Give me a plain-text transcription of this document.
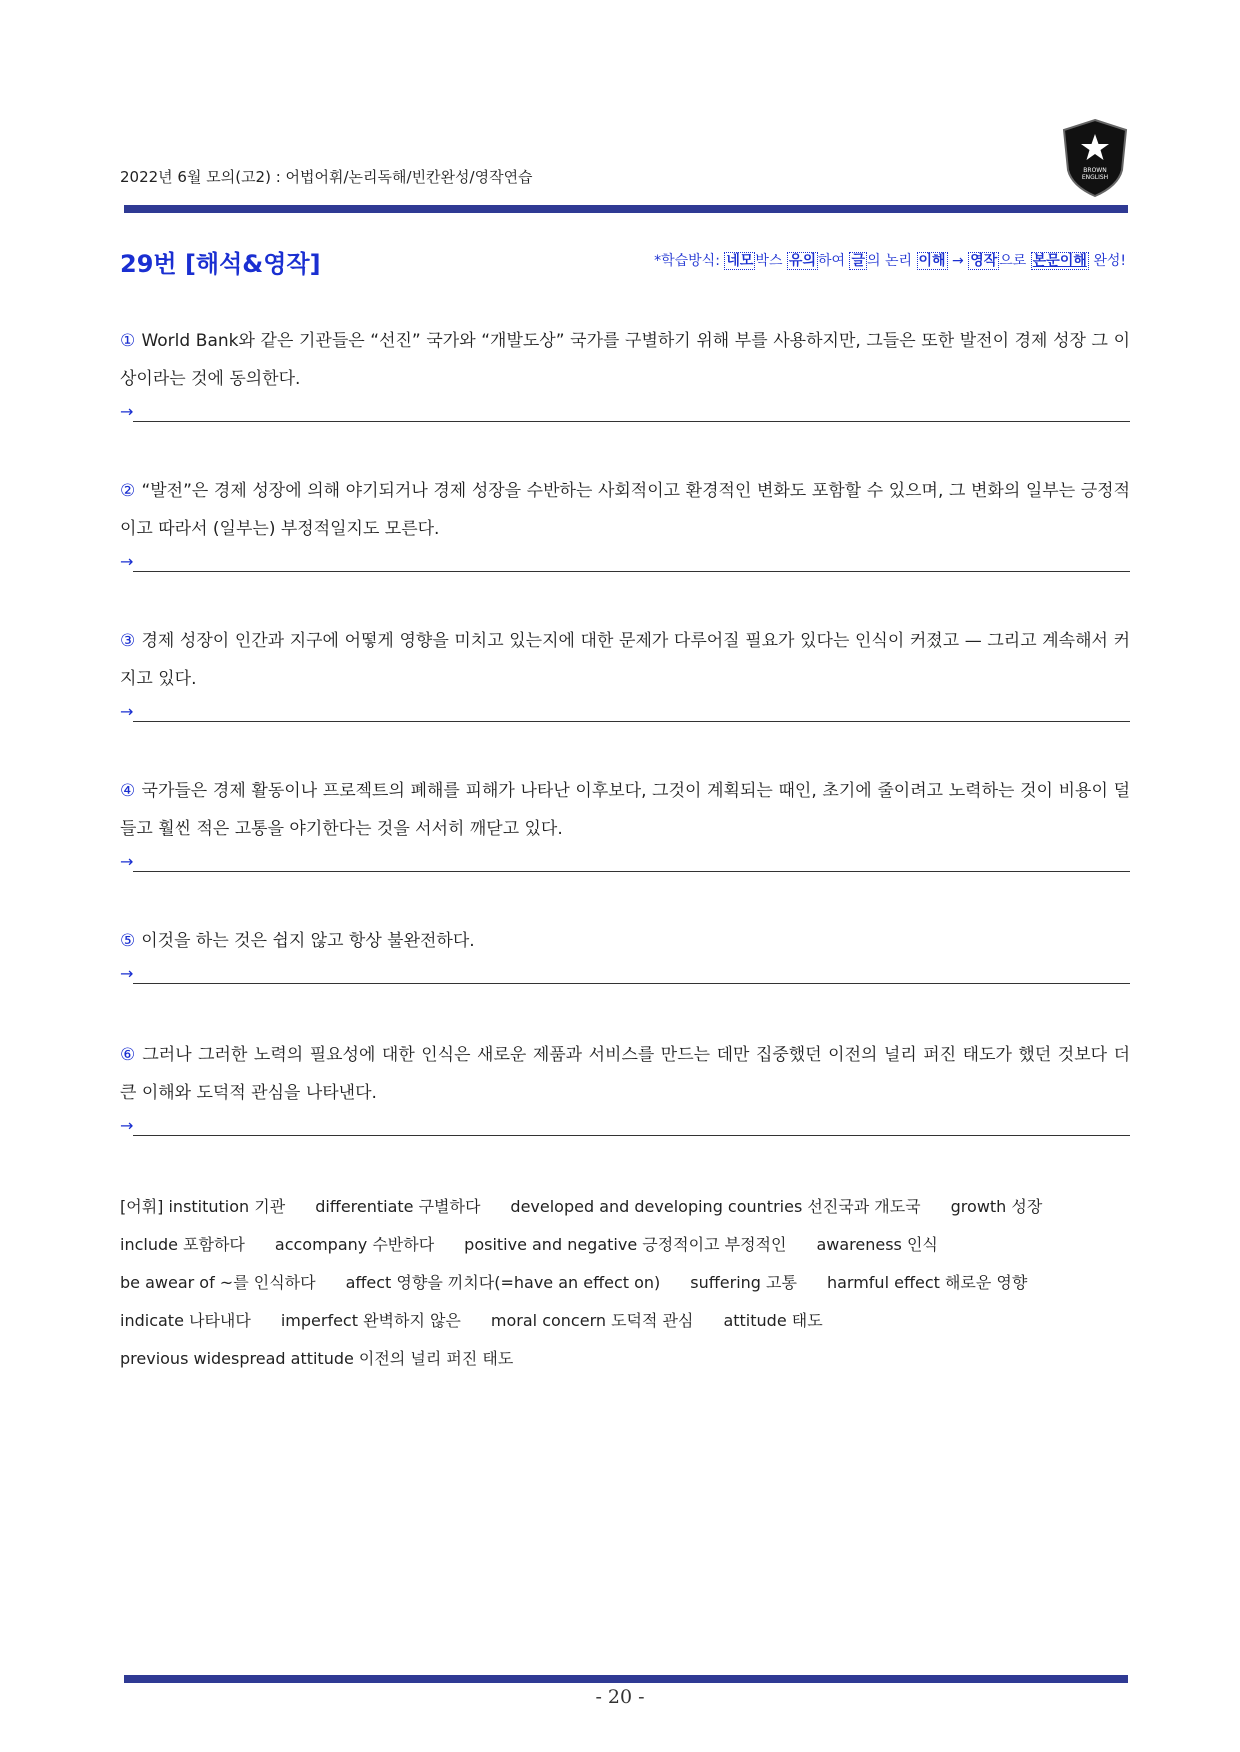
2022년 6월 모의(고2) : 어법어휘/논리독해/빈칸완성/영작연습	BROWN
ENGLISH
29번 [해석&영작]	*학습방식: 네모 박스 유의 하여 글 의 논리 이해 → 영작 으로 본문이해 완성!
① World Bank와 같은 기관들은 “선진” 국가와 “개발도상” 국가를 구별하기 위해 부를 사용하지만, 그들은 또한 발전이 경제 성장 그 이상이라는 것에 동의한다.
→
② “발전”은 경제 성장에 의해 야기되거나 경제 성장을 수반하는 사회적이고 환경적인 변화도 포함할 수 있으며, 그 변화의 일부는 긍정적이고 따라서 (일부는) 부정적일지도 모른다.
→
③ 경제 성장이 인간과 지구에 어떻게 영향을 미치고 있는지에 대한 문제가 다루어질 필요가 있다는 인식이 커졌고 — 그리고 계속해서 커지고 있다.
→
④ 국가들은 경제 활동이나 프로젝트의 폐해를 피해가 나타난 이후보다, 그것이 계획되는 때인, 초기에 줄이려고 노력하는 것이 비용이 덜 들고 훨씬 적은 고통을 야기한다는 것을 서서히 깨닫고 있다.
→
⑤ 이것을 하는 것은 쉽지 않고 항상 불완전하다.
→
⑥ 그러나 그러한 노력의 필요성에 대한 인식은 새로운 제품과 서비스를 만드는 데만 집중했던 이전의 널리 퍼진 태도가 했던 것보다 더 큰 이해와 도덕적 관심을 나타낸다.
→
[어휘] institution 기관 differentiate 구별하다 developed and developing countries 선진국과 개도국 growth 성장
include 포함하다 accompany 수반하다 positive and negative 긍정적이고 부정적인 awareness 인식
be awear of ~를 인식하다 affect 영향을 끼치다(=have an effect on) suffering 고통 harmful effect 해로운 영향
indicate 나타내다 imperfect 완벽하지 않은 moral concern 도덕적 관심 attitude 태도
previous widespread attitude 이전의 널리 퍼진 태도
- 20 -
